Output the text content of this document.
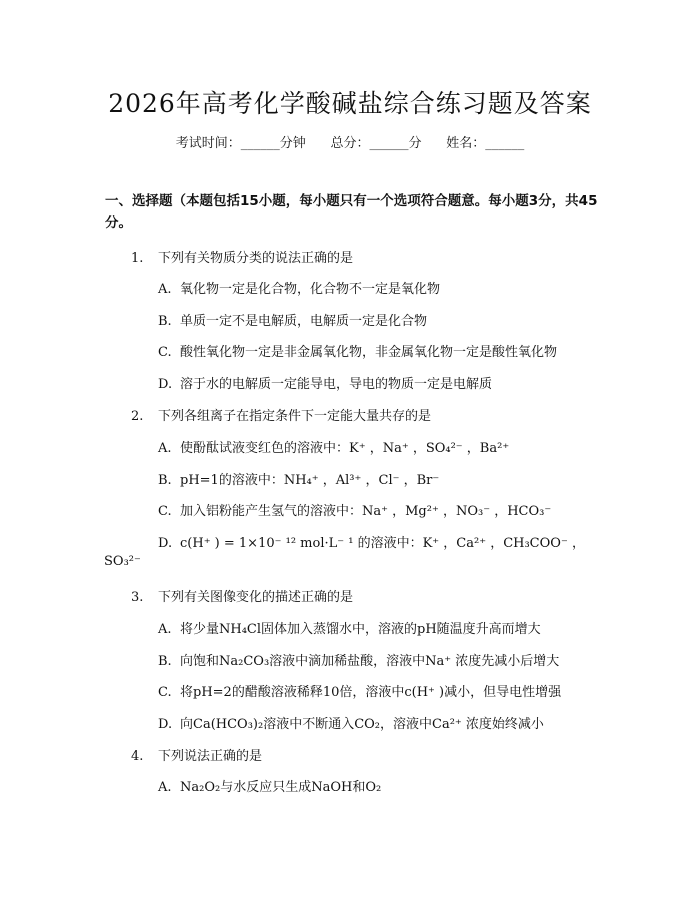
2026年高考化学酸碱盐综合练习题及答案
考试时间：______分钟      总分：______分      姓名：______
一、选择题（本题包括15小题，每小题只有一个选项符合题意。每小题3分，共45分。
1. 下列有关物质分类的说法正确的是
A. 氧化物一定是化合物，化合物不一定是氧化物
B. 单质一定不是电解质，电解质一定是化合物
C. 酸性氧化物一定是非金属氧化物，非金属氧化物一定是酸性氧化物
D. 溶于水的电解质一定能导电，导电的物质一定是电解质
2. 下列各组离子在指定条件下一定能大量共存的是
A. 使酚酞试液变红色的溶液中：K⁺ ，Na⁺ ，SO₄²⁻ ，Ba²⁺
B. pH=1的溶液中：NH₄⁺ ，Al³⁺ ，Cl⁻ ，Br⁻
C. 加入铝粉能产生氢气的溶液中：Na⁺ ，Mg²⁺ ，NO₃⁻ ，HCO₃⁻
D. c(H⁺ ) = 1×10⁻ ¹² mol·L⁻ ¹ 的溶液中：K⁺ ，Ca²⁺ ，CH₃COO⁻ ，
SO₃²⁻
3. 下列有关图像变化的描述正确的是
A. 将少量NH₄Cl固体加入蒸馏水中，溶液的pH随温度升高而增大
B. 向饱和Na₂CO₃溶液中滴加稀盐酸，溶液中Na⁺ 浓度先减小后增大
C. 将pH=2的醋酸溶液稀释10倍，溶液中c(H⁺ )减小，但导电性增强
D. 向Ca(HCO₃)₂溶液中不断通入CO₂，溶液中Ca²⁺ 浓度始终减小
4. 下列说法正确的是
A. Na₂O₂与水反应只生成NaOH和O₂
